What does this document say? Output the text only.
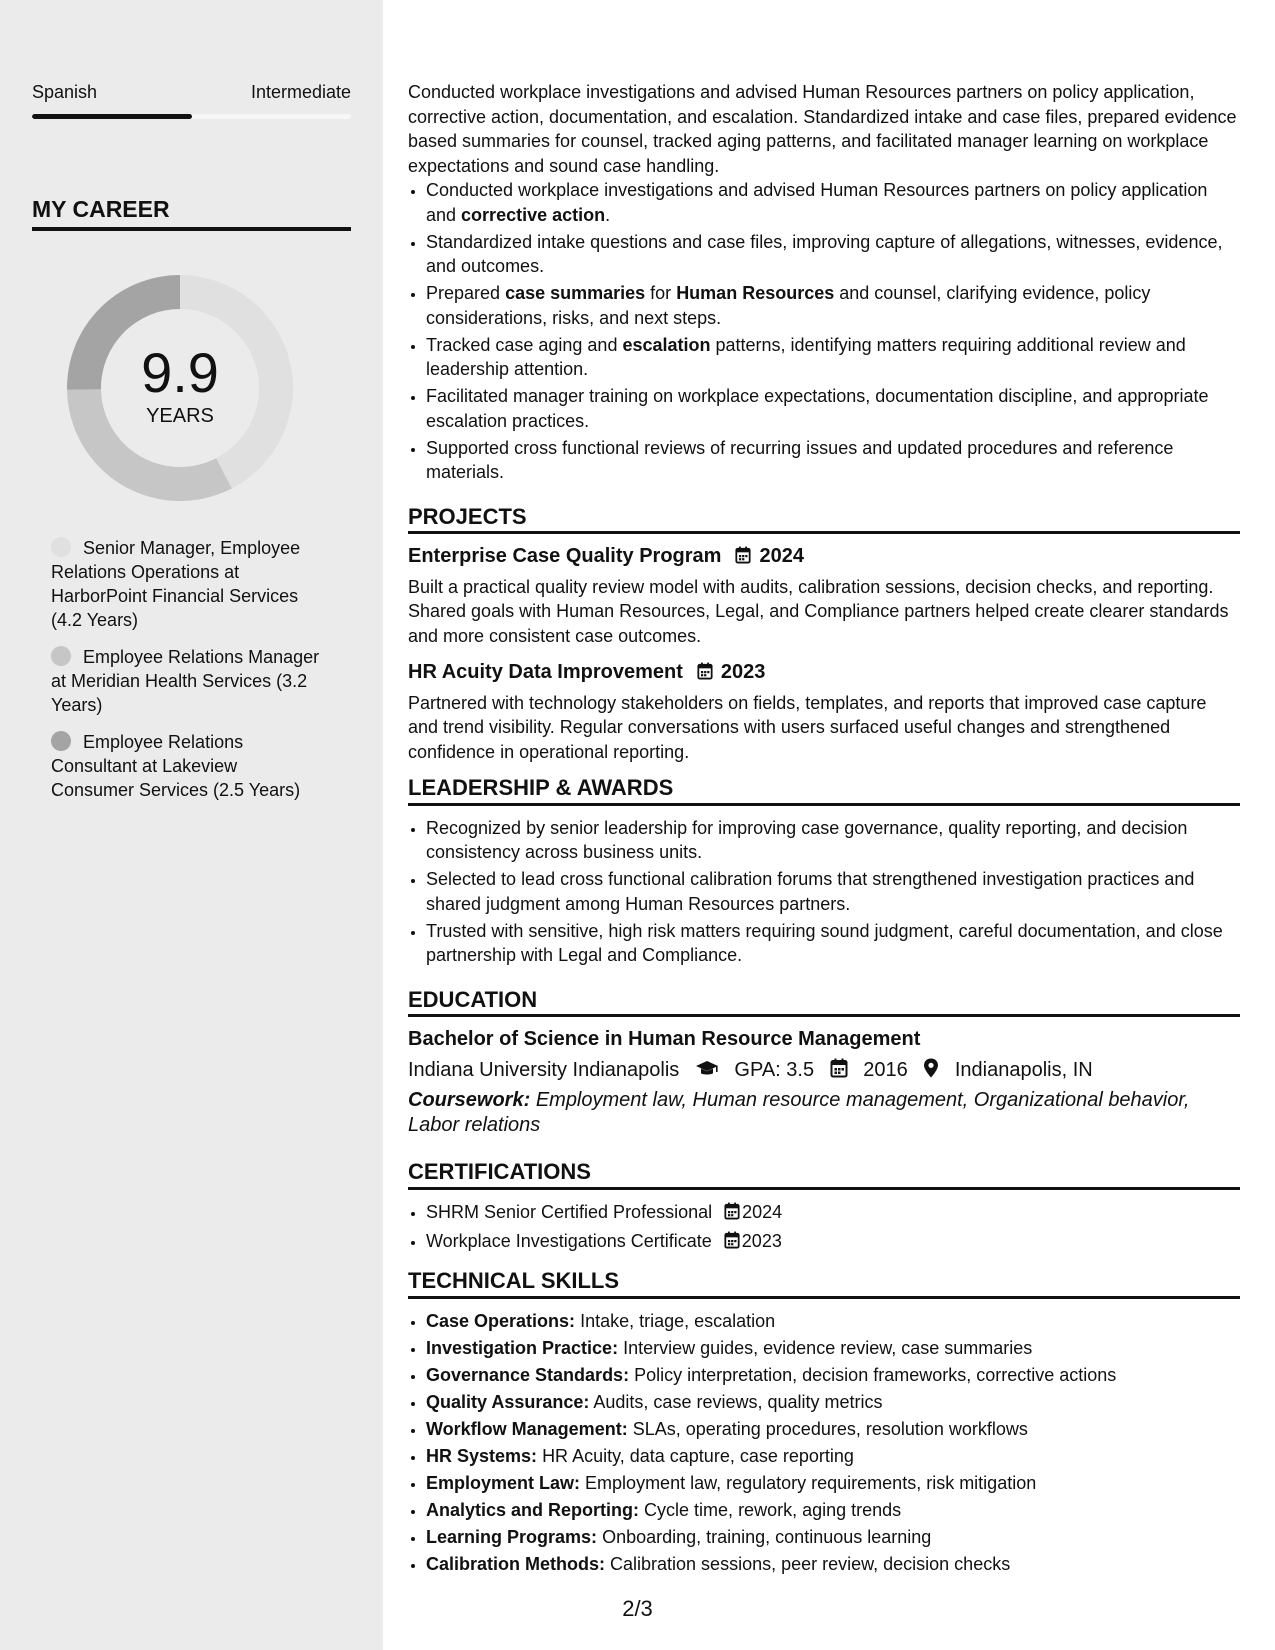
Spanish	Intermediate
MY CAREER
9.9
YEARS
Senior Manager, Employee Relations Operations at HarborPoint Financial Services (4.2 Years)
Employee Relations Manager at Meridian Health Services (3.2 Years)
Employee Relations Consultant at Lakeview Consumer Services (2.5 Years)

Conducted workplace investigations and advised Human Resources partners on policy application, corrective action, documentation, and escalation. Standardized intake and case files, prepared evidence based summaries for counsel, tracked aging patterns, and facilitated manager learning on workplace expectations and sound case handling.

• Conducted workplace investigations and advised Human Resources partners on policy application and corrective action.
• Standardized intake questions and case files, improving capture of allegations, witnesses, evidence, and outcomes.
• Prepared case summaries for Human Resources and counsel, clarifying evidence, policy considerations, risks, and next steps.
• Tracked case aging and escalation patterns, identifying matters requiring additional review and leadership attention.
• Facilitated manager training on workplace expectations, documentation discipline, and appropriate escalation practices.
• Supported cross functional reviews of recurring issues and updated procedures and reference materials.
PROJECTS
Enterprise Case Quality Program 2024
Built a practical quality review model with audits, calibration sessions, decision checks, and reporting. Shared goals with Human Resources, Legal, and Compliance partners helped create clearer standards and more consistent case outcomes.
HR Acuity Data Improvement 2023
Partnered with technology stakeholders on fields, templates, and reports that improved case capture and trend visibility. Regular conversations with users surfaced useful changes and strengthened confidence in operational reporting.
LEADERSHIP & AWARDS
• Recognized by senior leadership for improving case governance, quality reporting, and decision consistency across business units.
• Selected to lead cross functional calibration forums that strengthened investigation practices and shared judgment among Human Resources partners.
• Trusted with sensitive, high risk matters requiring sound judgment, careful documentation, and close partnership with Legal and Compliance.
EDUCATION
Bachelor of Science in Human Resource Management
Indiana University Indianapolis	GPA: 3.5 2016 Indianapolis, IN
Coursework: Employment law, Human resource management, Organizational behavior, Labor relations
CERTIFICATIONS
• SHRM Senior Certified Professional 2024
• Workplace Investigations Certificate 2023
TECHNICAL SKILLS
• Case Operations: Intake, triage, escalation
• Investigation Practice: Interview guides, evidence review, case summaries
• Governance Standards: Policy interpretation, decision frameworks, corrective actions
• Quality Assurance: Audits, case reviews, quality metrics
• Workflow Management: SLAs, operating procedures, resolution workflows
• HR Systems: HR Acuity, data capture, case reporting
• Employment Law: Employment law, regulatory requirements, risk mitigation
• Analytics and Reporting: Cycle time, rework, aging trends
• Learning Programs: Onboarding, training, continuous learning
• Calibration Methods: Calibration sessions, peer review, decision checks
2/3
